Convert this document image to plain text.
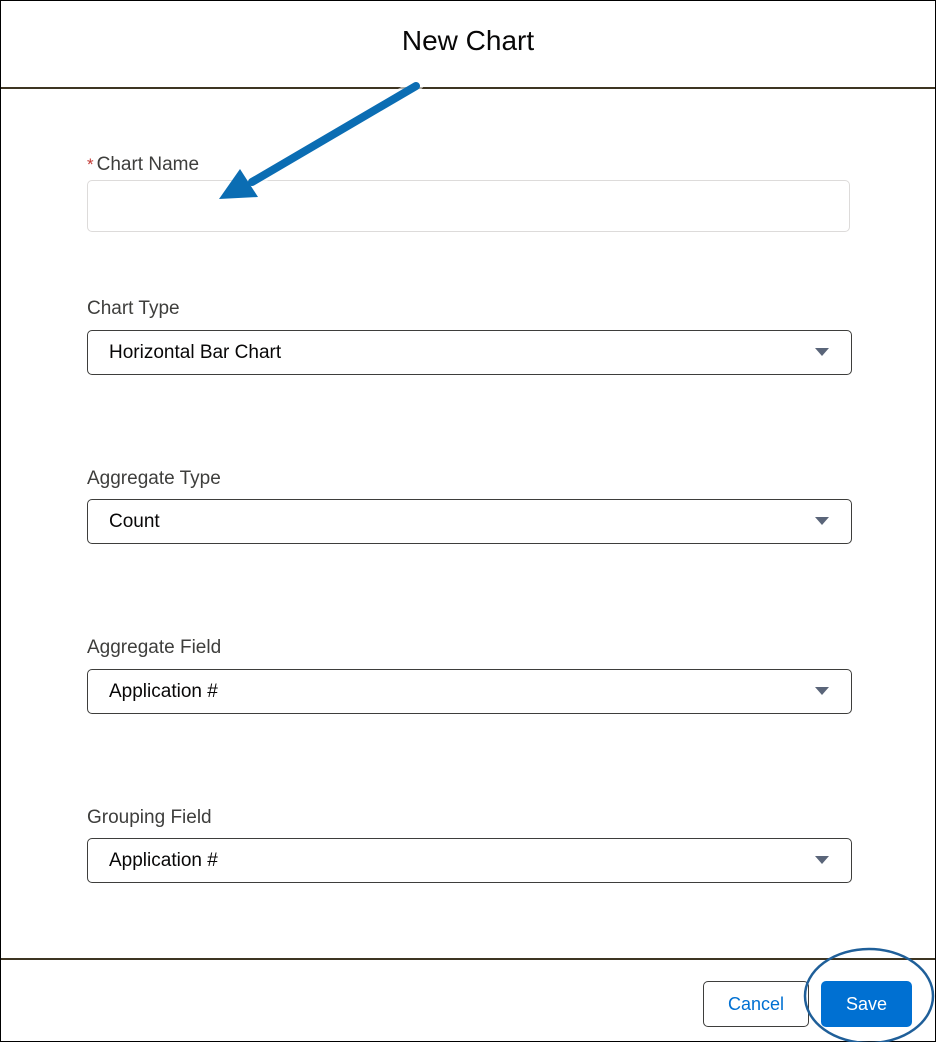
New Chart
* Chart Name
Chart Type
Horizontal Bar Chart
Aggregate Type
Count
Aggregate Field
Application #
Grouping Field
Application #
Cancel	Save
